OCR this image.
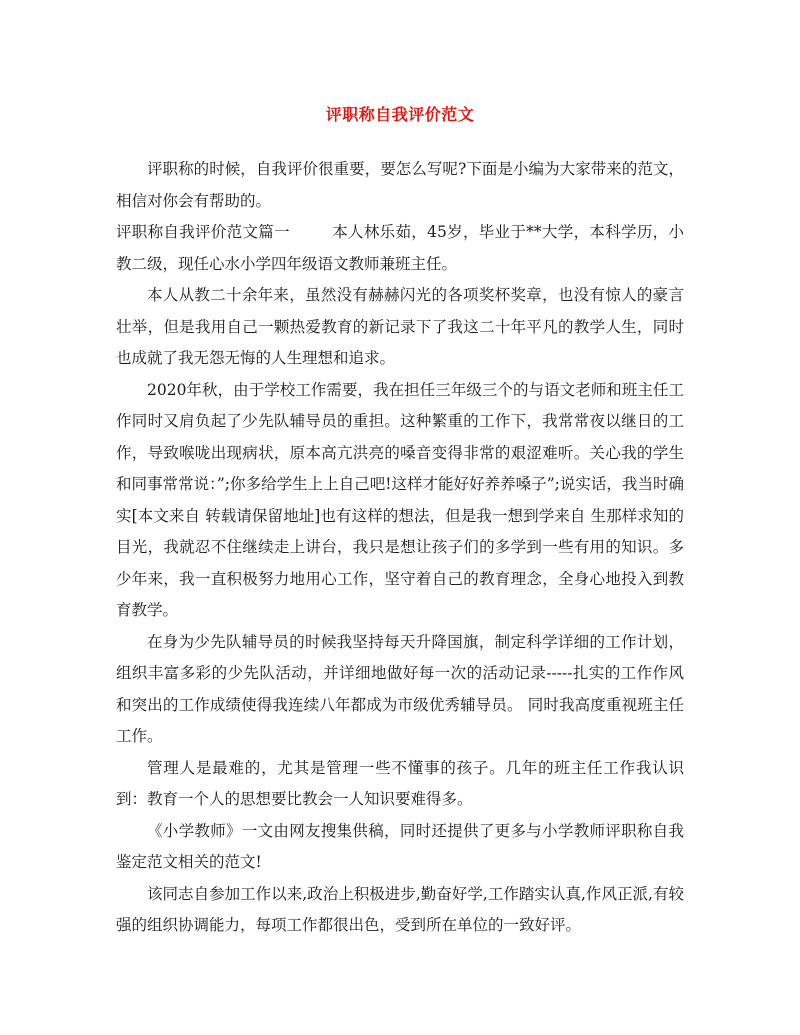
评职称自我评价范文

评职称的时候，自我评价很重要，要怎么写呢?下面是小编为大家带来的范文，相信对你会有帮助的。

评职称自我评价范文篇一	本人林乐茹，45岁，毕业于**大学，本科学历，小教二级，现任心水小学四年级语文教师兼班主任。

本人从教二十余年来，虽然没有赫赫闪光的各项奖杯奖章，也没有惊人的豪言壮举，但是我用自己一颗热爱教育的新记录下了我这二十年平凡的教学人生，同时也成就了我无怨无悔的人生理想和追求。

2020年秋，由于学校工作需要，我在担任三年级三个的与语文老师和班主任工作同时又肩负起了少先队辅导员的重担。这种繁重的工作下，我常常夜以继日的工作，导致喉咙出现病状，原本高亢洪亮的嗓音变得非常的艰涩难听。关心我的学生和同事常常说：”;你多给学生上上自己吧!这样才能好好养养嗓子”;说实话，我当时确实[本文来自 转载请保留地址]也有这样的想法，但是我一想到学来自 生那样求知的目光，我就忍不住继续走上讲台，我只是想让孩子们的多学到一些有用的知识。多少年来，我一直积极努力地用心工作，坚守着自己的教育理念，全身心地投入到教育教学。

在身为少先队辅导员的时候我坚持每天升降国旗，制定科学详细的工作计划，组织丰富多彩的少先队活动，并详细地做好每一次的活动记录-----扎实的工作作风和突出的工作成绩使得我连续八年都成为市级优秀辅导员。 同时我高度重视班主任工作。

管理人是最难的，尤其是管理一些不懂事的孩子。几年的班主任工作我认识到：教育一个人的思想要比教会一人知识要难得多。

《小学教师》一文由网友搜集供稿，同时还提供了更多与小学教师评职称自我鉴定范文相关的范文!

该同志自参加工作以来,政治上积极进步,勤奋好学,工作踏实认真,作风正派,有较强的组织协调能力，每项工作都很出色，受到所在单位的一致好评。
